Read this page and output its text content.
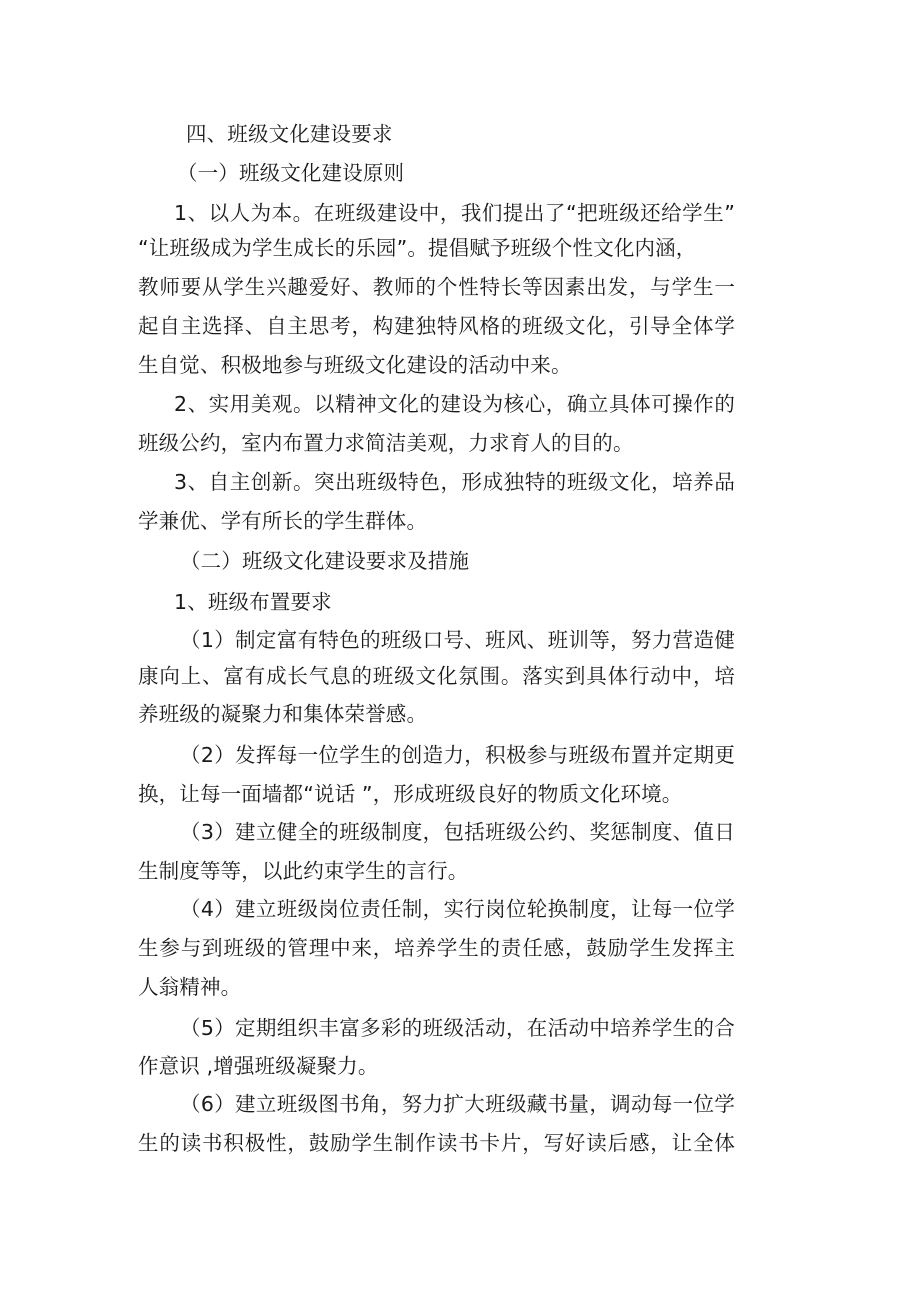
四、班级文化建设要求
（一）班级文化建设原则
1、以人为本。在班级建设中，我们提出了“把班级还给学生”
“让班级成为学生成长的乐园”。提倡赋予班级个性文化内涵，
教师要从学生兴趣爱好、教师的个性特长等因素出发，与学生一
起自主选择、自主思考，构建独特风格的班级文化，引导全体学
生自觉、积极地参与班级文化建设的活动中来。
2、实用美观。以精神文化的建设为核心，确立具体可操作的
班级公约，室内布置力求简洁美观，力求育人的目的。
3、自主创新。突出班级特色，形成独特的班级文化，培养品
学兼优、学有所长的学生群体。
（二）班级文化建设要求及措施
1、班级布置要求
（1）制定富有特色的班级口号、班风、班训等，努力营造健
康向上、富有成长气息的班级文化氛围。落实到具体行动中，培
养班级的凝聚力和集体荣誉感。
（2）发挥每一位学生的创造力，积极参与班级布置并定期更
换，让每一面墙都“说话 ”，形成班级良好的物质文化环境。
（3）建立健全的班级制度，包括班级公约、奖惩制度、值日
生制度等等，以此约束学生的言行。
（4）建立班级岗位责任制，实行岗位轮换制度，让每一位学
生参与到班级的管理中来，培养学生的责任感，鼓励学生发挥主
人翁精神。
（5）定期组织丰富多彩的班级活动，在活动中培养学生的合
作意识 ,增强班级凝聚力。
（6）建立班级图书角，努力扩大班级藏书量，调动每一位学
生的读书积极性，鼓励学生制作读书卡片，写好读后感，让全体
